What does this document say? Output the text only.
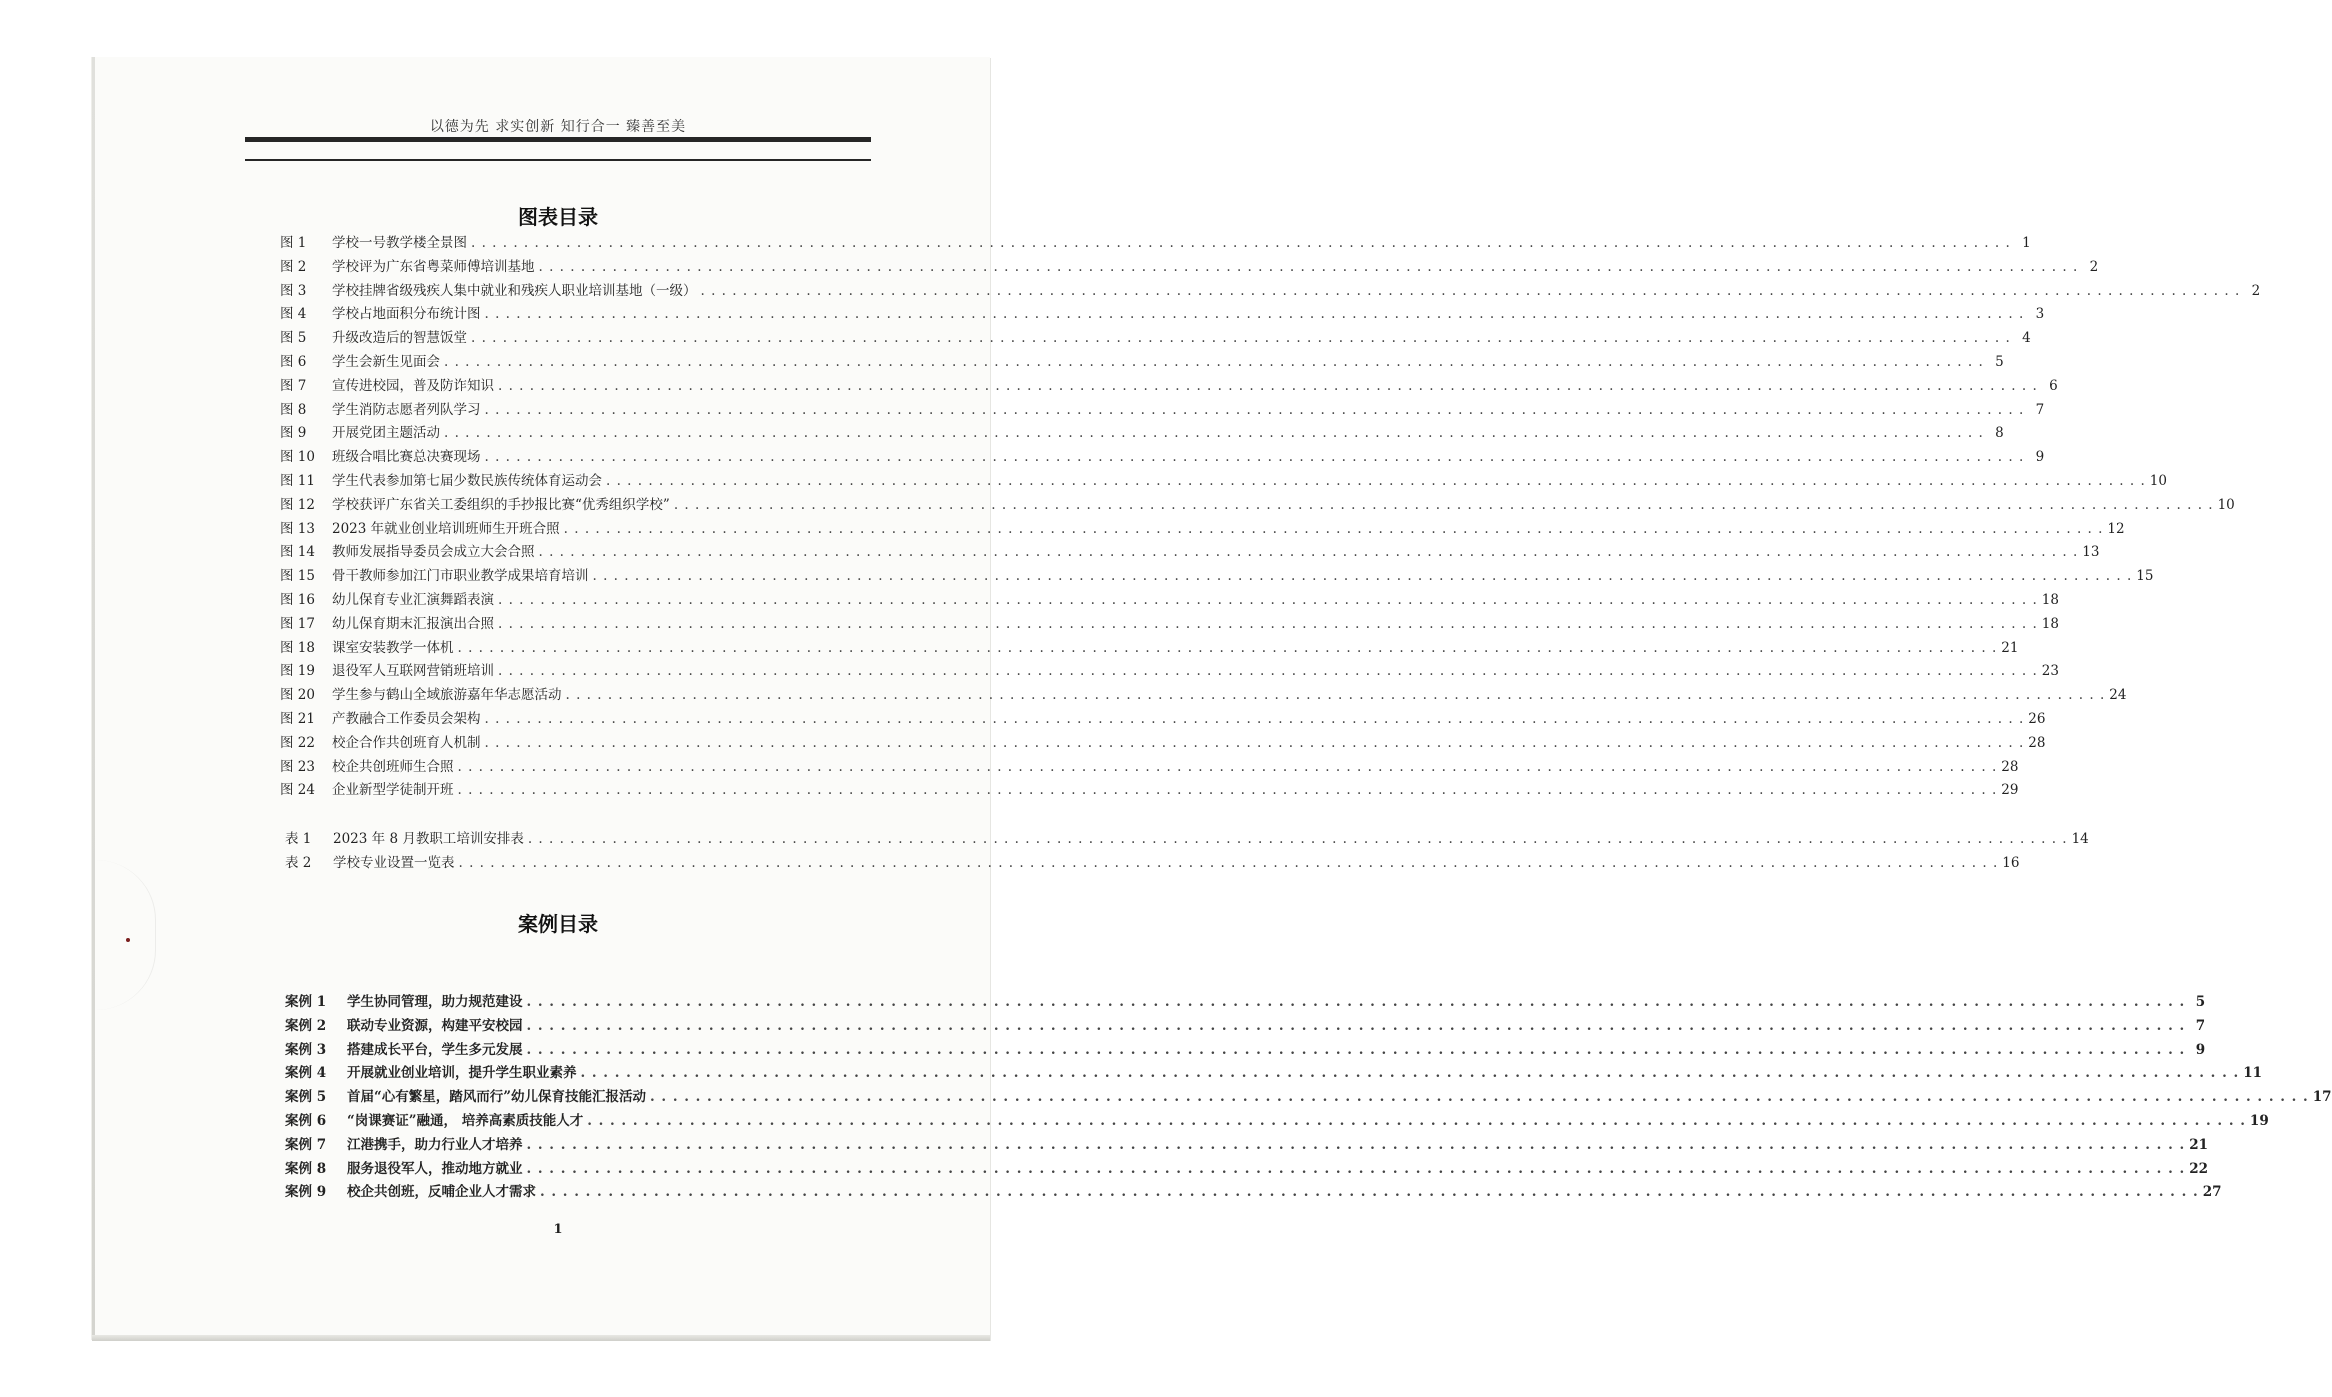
以德为先 求实创新 知行合一 臻善至美
图表目录
图 1	学校一号教学楼全景图 . . .	1
图 2	学校评为广东省粤菜师傅培训基地 . . .	2
图 3	学校挂牌省级残疾人集中就业和残疾人职业培训基地（一级） . . .	2
图 4	学校占地面积分布统计图 . . .	3
图 5	升级改造后的智慧饭堂 . . .	4
图 6	学生会新生见面会 . . .	5
图 7	宣传进校园，普及防诈知识 . . .	6
图 8	学生消防志愿者列队学习 . . .	7
图 9	开展党团主题活动 . . .	8
图 10	班级合唱比赛总决赛现场 . . .	9
图 11	学生代表参加第七届少数民族传统体育运动会 . . .	10
图 12	学校获评广东省关工委组织的手抄报比赛“优秀组织学校” . . .	10
图 13	2023 年就业创业培训班师生开班合照 . . .	12
图 14	教师发展指导委员会成立大会合照 . . .	13
图 15	骨干教师参加江门市职业教学成果培育培训 . . .	15
图 16	幼儿保育专业汇演舞蹈表演 . . .	18
图 17	幼儿保育期末汇报演出合照 . . .	18
图 18	课室安装教学一体机 . . .	21
图 19	退役军人互联网营销班培训 . . .	23
图 20	学生参与鹤山全域旅游嘉年华志愿活动 . . .	24
图 21	产教融合工作委员会架构 . . .	26
图 22	校企合作共创班育人机制 . . .	28
图 23	校企共创班师生合照 . . .	28
图 24	企业新型学徒制开班 . . .	29
表 1	2023 年 8 月教职工培训安排表 . . .	14
表 2	学校专业设置一览表 . . .	16
案例目录
案例 1	学生协同管理，助力规范建设 . . .	5
案例 2	联动专业资源，构建平安校园 . . .	7
案例 3	搭建成长平台，学生多元发展 . . .	9
案例 4	开展就业创业培训，提升学生职业素养 . . .	11
案例 5	首届“心有繁星，踏风而行”幼儿保育技能汇报活动 . . .	17
案例 6	“岗课赛证”融通， 培养高素质技能人才 . . .	19
案例 7	江港携手，助力行业人才培养 . . .	21
案例 8	服务退役军人，推动地方就业 . . .	22
案例 9	校企共创班，反哺企业人才需求 . . .	27
1
